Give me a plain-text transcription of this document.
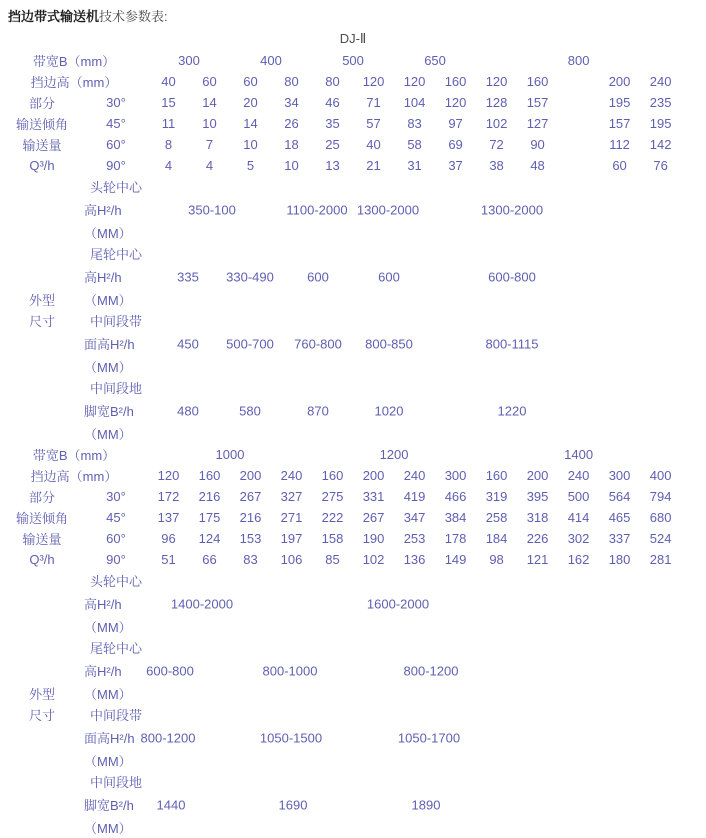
挡边带式输送机技术参数表:
DJ-Ⅱ
带宽B（mm）		300		400		500		650		800					
挡边高（mm）		40	60	60	80	80	120	120	160	120	160		200	240	
部分	30°	15	14	20	34	46	71	104	120	128	157		195	235	
输送倾角	45°	11	10	14	26	35	57	83	97	102	127		157	195	
输送量	60°	8	7	10	18	25	40	58	69	72	90		112	142	
Q³/h	90°	4	4	5	10	13	21	31	37	38	48		60	76	
	头轮中心														
	高H²/h	350-100 1100-2000 1300-2000 1300-2000													

	（MM）														
	尾轮中心														
	高H²/h	335 330-490 600 600 600-800													

外型	（MM）														
尺寸	中间段带														
	面高H²/h	450 500-700 760-800 800-850 800-1115													

	（MM）														
	中间段地														
	脚宽B²/h	480 580 870 1020 1220													

	（MM）														
带宽B（mm）		1000				1200				1400					
挡边高（mm）		120	160	200	240	160	200	240	300	160	200	240	300	400	
部分	30°	172	216	267	327	275	331	419	466	319	395	500	564	794	
输送倾角	45°	137	175	216	271	222	267	347	384	258	318	414	465	680	
输送量	60°	96	124	153	197	158	190	253	178	184	226	302	337	524	
Q³/h	90°	51	66	83	106	85	102	136	149	98	121	162	180	281	
	头轮中心														
	高H²/h	1400-2000 1600-2000													

	（MM）														
	尾轮中心														
	高H²/h	600-800 800-1000 800-1200													

外型	（MM）														
尺寸	中间段带														
	面高H²/h	800-1200 1050-1500 1050-1700													

	（MM）														
	中间段地														
	脚宽B²/h	1440 1690 1890													

	（MM）														
